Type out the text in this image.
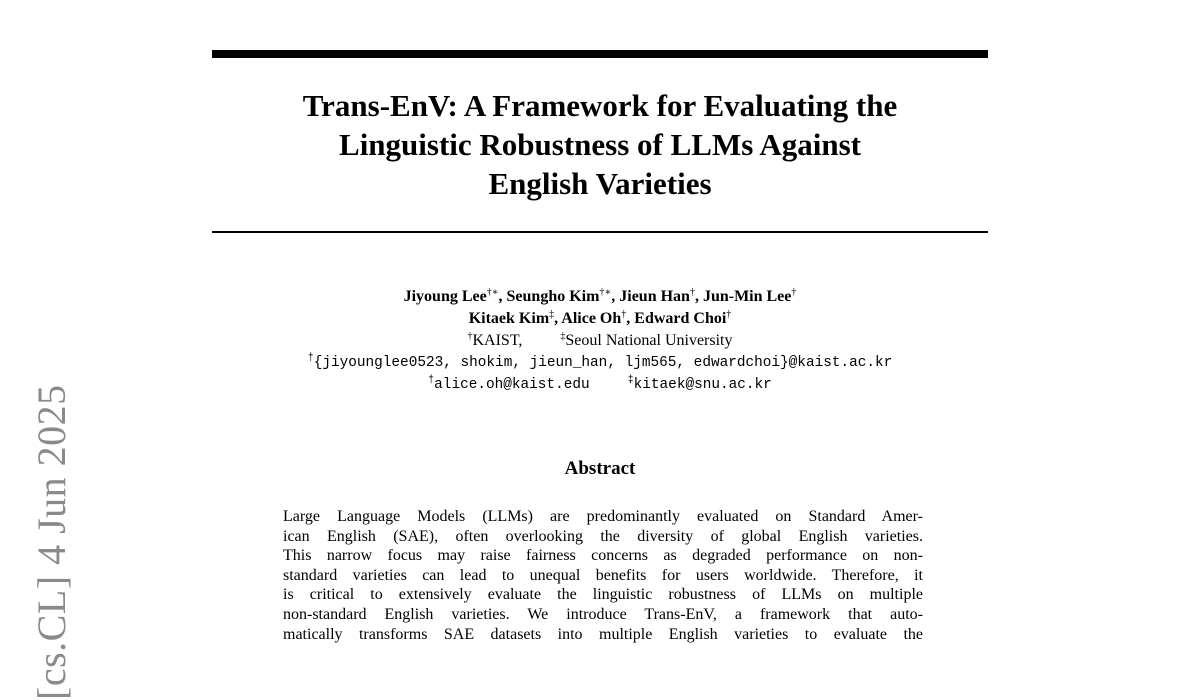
[cs.CL] 4 Jun 2025
Trans-EnV: A Framework for Evaluating the
Linguistic Robustness of LLMs Against
English Varieties
Jiyoung Lee†∗, Seungho Kim†∗, Jieun Han†, Jun-Min Lee†
Kitaek Kim‡, Alice Oh†, Edward Choi†
†KAIST,	‡Seoul National University
†{jiyounglee0523, shokim, jieun_han, ljm565, edwardchoi}@kaist.ac.kr
†alice.oh@kaist.edu	‡kitaek@snu.ac.kr
Abstract
Large Language Models (LLMs) are predominantly evaluated on Standard Amer-
ican English (SAE), often overlooking the diversity of global English varieties.
This narrow focus may raise fairness concerns as degraded performance on non-
standard varieties can lead to unequal benefits for users worldwide. Therefore, it
is critical to extensively evaluate the linguistic robustness of LLMs on multiple
non-standard English varieties. We introduce Trans-EnV, a framework that auto-
matically transforms SAE datasets into multiple English varieties to evaluate the
